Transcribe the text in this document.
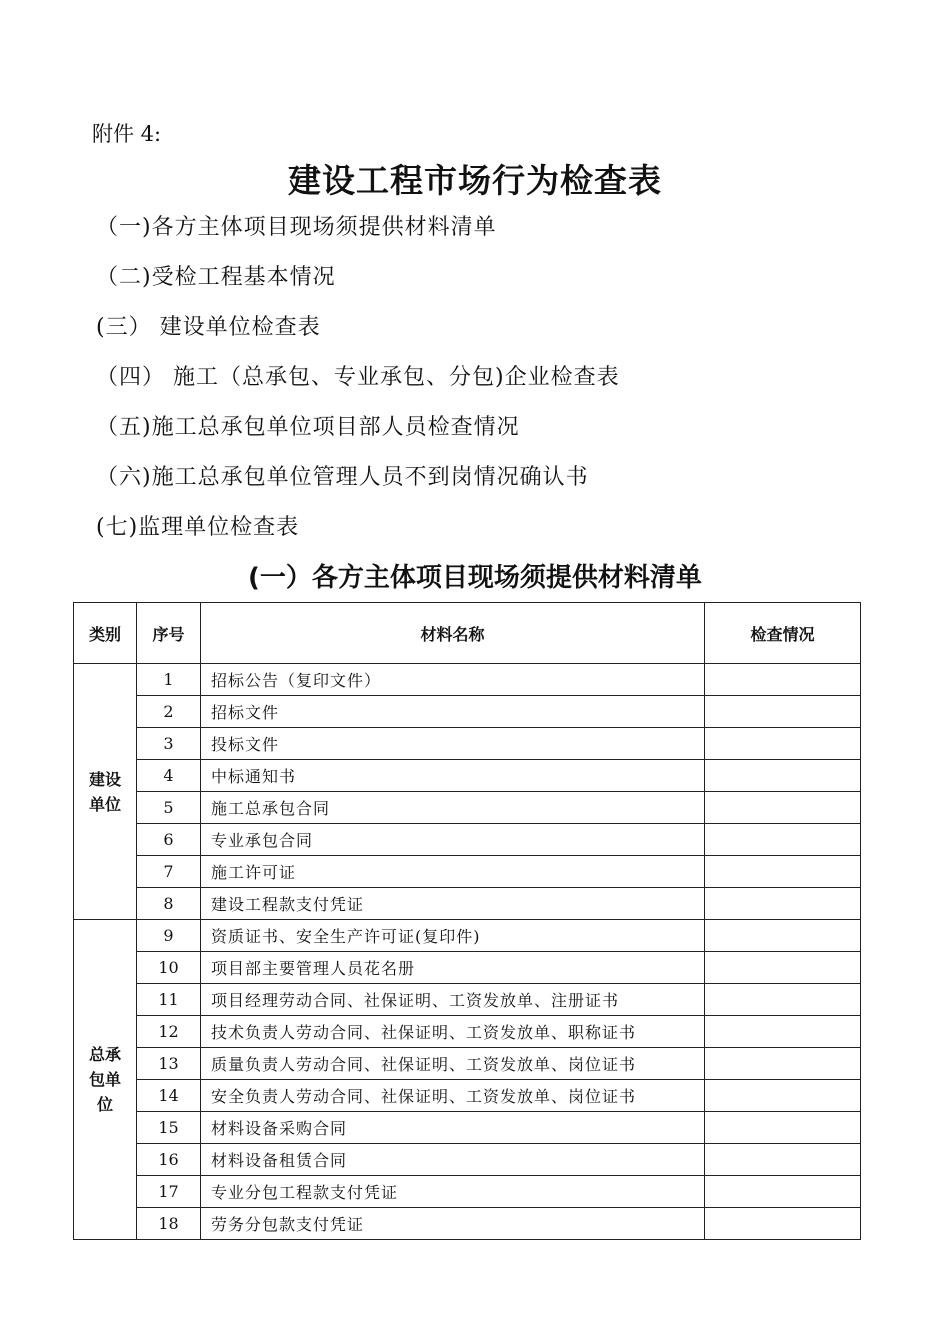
附件 4:
建设工程市场行为检查表
（一)各方主体项目现场须提供材料清单
（二)受检工程基本情况
(三） 建设单位检查表
（四） 施工（总承包、专业承包、分包)企业检查表
（五)施工总承包单位项目部人员检查情况
（六)施工总承包单位管理人员不到岗情况确认书
(七)监理单位检查表
(一）各方主体项目现场须提供材料清单
类别	序号	材料名称	检查情况
建设
单位	1	招标公告（复印文件）	
	2	招标文件	
	3	投标文件	
	4	中标通知书	
	5	施工总承包合同	
	6	专业承包合同	
	7	施工许可证	
	8	建设工程款支付凭证	
总承
包单
位	9	资质证书、安全生产许可证(复印件)	
	10	项目部主要管理人员花名册	
	11	项目经理劳动合同、社保证明、工资发放单、注册证书	
	12	技术负责人劳动合同、社保证明、工资发放单、职称证书	
	13	质量负责人劳动合同、社保证明、工资发放单、岗位证书	
	14	安全负责人劳动合同、社保证明、工资发放单、岗位证书	
	15	材料设备采购合同	
	16	材料设备租赁合同	
	17	专业分包工程款支付凭证	
	18	劳务分包款支付凭证	
